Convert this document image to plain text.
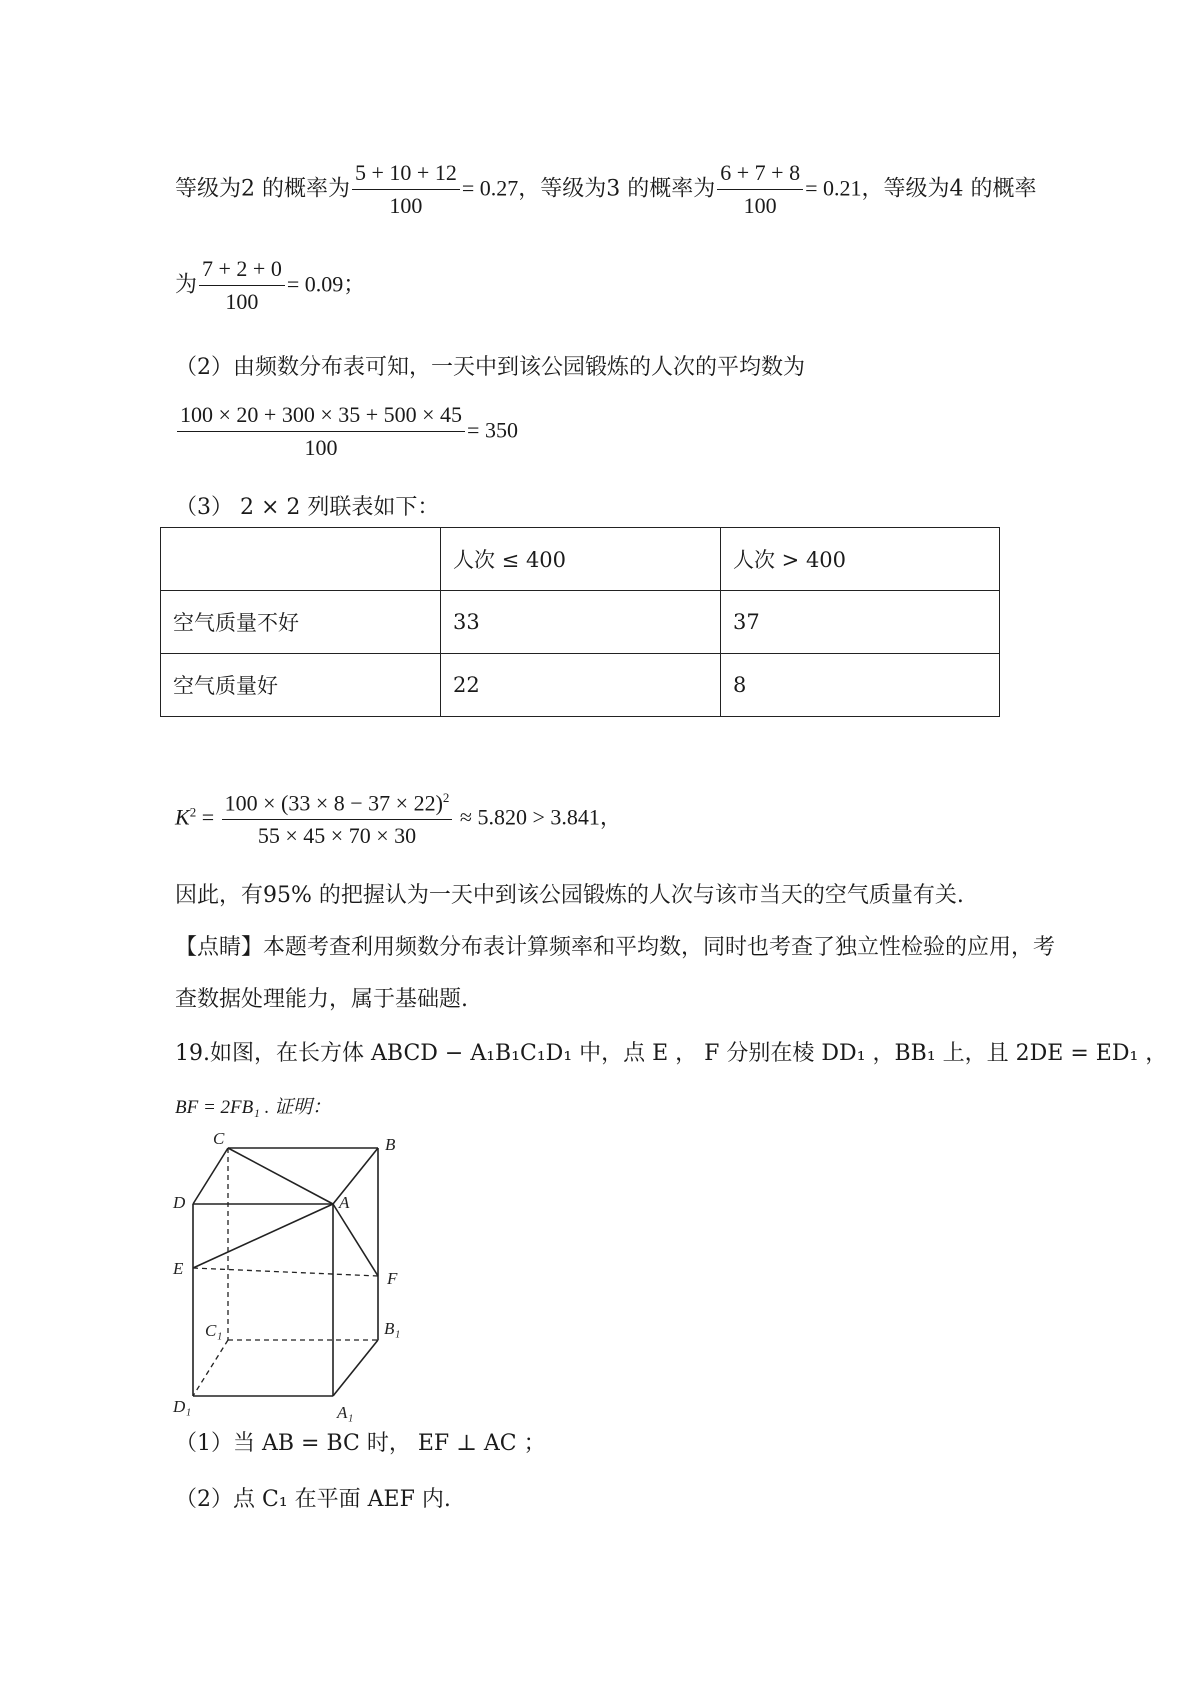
等级为2 的概率为 $\frac{5 + 10 + 12}{100} = 0.27$，等级为3 的概率为 $\frac{6 + 7 + 8}{100} = 0.21$，等级为4 的概率
为 $\frac{7 + 2 + 0}{100} = 0.09$；
（2）由频数分布表可知，一天中到该公园锻炼的人次的平均数为
$\frac{100 \times 20 + 300 \times 35 + 500 \times 45}{100} = 350$
（3） 2 × 2 列联表如下：
	人次 ≤ 400	人次 > 400
空气质量不好	33	37
空气质量好	22	8
$K^2 = \frac{100 \times (33 \times 8 - 37 \times 22)^2}{55 \times 45 \times 70 \times 30} \approx 5.820 > 3.841$，
因此，有95% 的把握认为一天中到该公园锻炼的人次与该市当天的空气质量有关.
【点睛】本题考查利用频数分布表计算频率和平均数，同时也考查了独立性检验的应用，考
查数据处理能力，属于基础题.
19.如图，在长方体 ABCD − A₁B₁C₁D₁ 中，点 E ， F 分别在棱 DD₁ ，BB₁ 上，且 2DE = ED₁ ，
BF = 2FB₁ . 证明：
C	B
D	A
E
F
C₁	B₁
D₁	A₁
（1）当 AB = BC 时， EF ⊥ AC ；
（2）点 C₁ 在平面 AEF 内.
